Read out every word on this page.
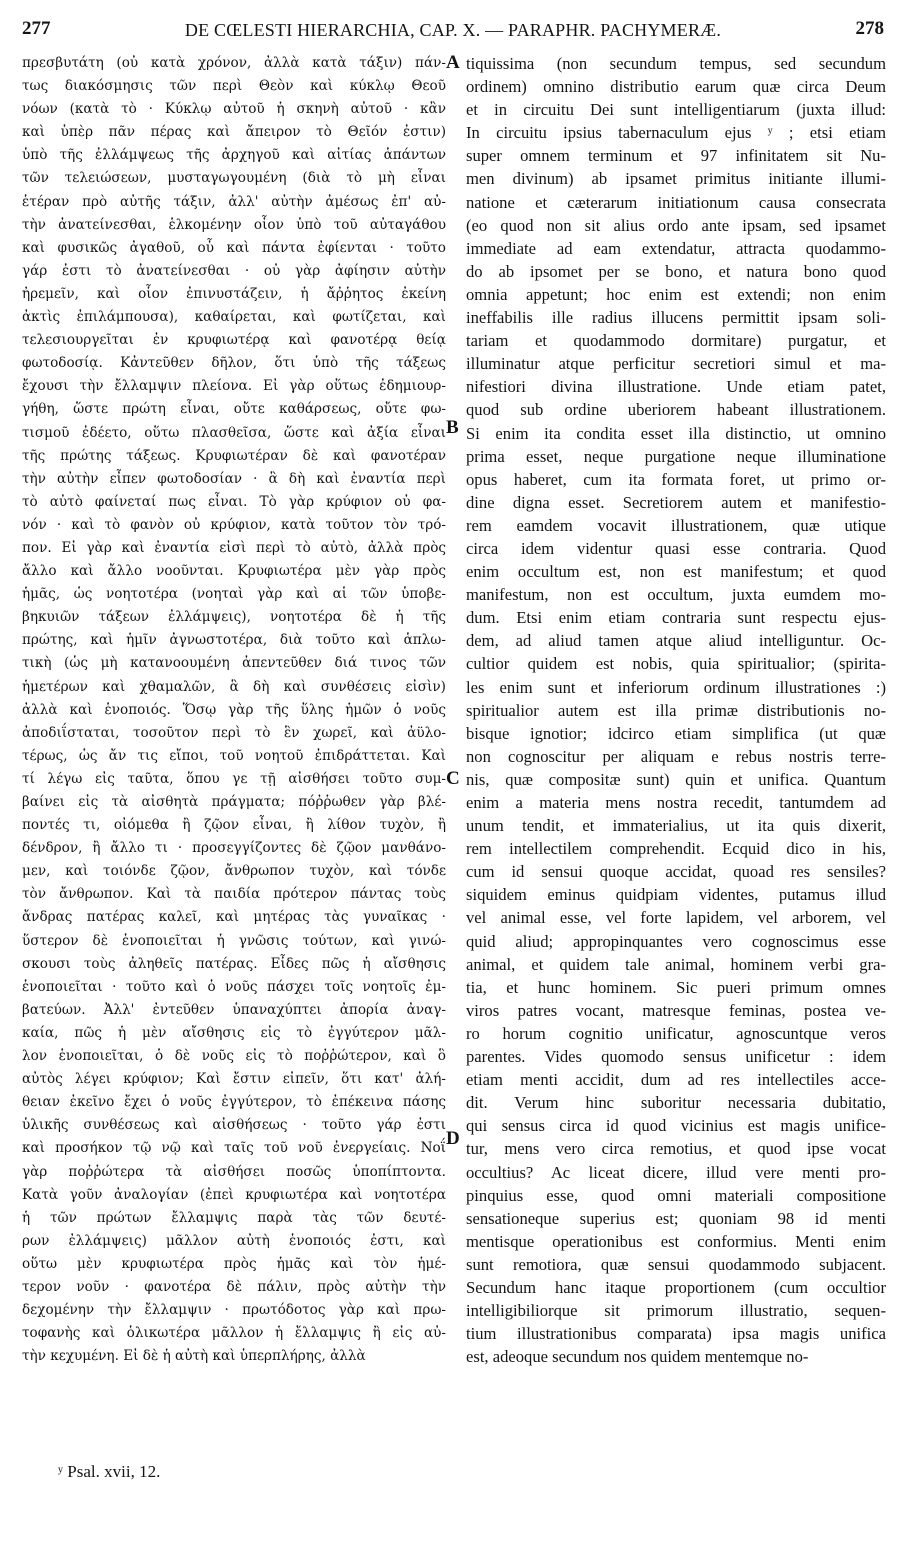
277	DE CŒLESTI HIERARCHIA, CAP. X. — PARAPHR. PACHYMERÆ.	278
πρεσβυτάτη (οὐ κατὰ χρόνον, ἀλλὰ κατὰ τάξιν) πάν-
τως διακόσμησις τῶν περὶ Θεὸν καὶ κύκλῳ Θεοῦ
νόων (κατὰ τὸ · Κύκλῳ αὐτοῦ ἡ σκηνὴ αὐτοῦ · κἂν
καὶ ὑπὲρ πᾶν πέρας καὶ ἄπειρον τὸ Θεῖόν ἐστιν)
ὑπὸ τῆς ἐλλάμψεως τῆς ἀρχηγοῦ καὶ αἰτίας ἁπάντων
τῶν τελειώσεων, μυσταγωγουμένη (διὰ τὸ μὴ εἶναι
ἑτέραν πρὸ αὐτῆς τάξιν, ἀλλ' αὐτὴν ἀμέσως ἐπ' αὐ-
τὴν ἀνατείνεσθαι, ἑλκομένην οἷον ὑπὸ τοῦ αὐταγάθου
καὶ φυσικῶς ἀγαθοῦ, οὗ καὶ πάντα ἐφίενται · τοῦτο
γάρ ἐστι τὸ ἀνατείνεσθαι · οὐ γὰρ ἀφίησιν αὐτὴν
ἠρεμεῖν, καὶ οἷον ἐπινυστάζειν, ἡ ἄῤῥητος ἐκείνη
ἀκτὶς ἐπιλάμπουσα), καθαίρεται, καὶ φωτίζεται, καὶ
τελεσιουργεῖται ἐν κρυφιωτέρᾳ καὶ φανοτέρᾳ θείᾳ
φωτοδοσίᾳ. Κἀντεῦθεν δῆλον, ὅτι ὑπὸ τῆς τάξεως
ἔχουσι τὴν ἔλλαμψιν πλείονα. Εἰ γὰρ οὕτως ἐδημιουρ-
γήθη, ὥστε πρώτη εἶναι, οὔτε καθάρσεως, οὔτε φω-
τισμοῦ ἐδέετο, οὕτω πλασθεῖσα, ὥστε καὶ ἀξία εἶναι
τῆς πρώτης τάξεως. Κρυφιωτέραν δὲ καὶ φανοτέραν
τὴν αὐτὴν εἶπεν φωτοδοσίαν · ἃ δὴ καὶ ἐναντία περὶ
τὸ αὐτὸ φαίνεταί πως εἶναι. Τὸ γὰρ κρύφιον οὐ φα-
νόν · καὶ τὸ φανὸν οὐ κρύφιον, κατὰ τοῦτον τὸν τρό-
πον. Εἰ γὰρ καὶ ἐναντία εἰσὶ περὶ τὸ αὐτὸ, ἀλλὰ πρὸς
ἄλλο καὶ ἄλλο νοοῦνται. Κρυφιωτέρα μὲν γὰρ πρὸς
ἡμᾶς, ὡς νοητοτέρα (νοηταὶ γὰρ καὶ αἱ τῶν ὑποβε-
βηκυιῶν τάξεων ἐλλάμψεις), νοητοτέρα δὲ ἡ τῆς
πρώτης, καὶ ἡμῖν ἀγνωστοτέρα, διὰ τοῦτο καὶ ἁπλω-
τικὴ (ὡς μὴ κατανοουμένη ἀπεντεῦθεν διά τινος τῶν
ἡμετέρων καὶ χθαμαλῶν, ἃ δὴ καὶ συνθέσεις εἰσὶν)
ἀλλὰ καὶ ἑνοποιός. Ὅσῳ γὰρ τῆς ὕλης ἡμῶν ὁ νοῦς
ἀποδιΐσταται, τοσοῦτον περὶ τὸ ἓν χωρεῖ, καὶ ἀϋλο-
τέρως, ὡς ἄν τις εἴποι, τοῦ νοητοῦ ἐπιδράττεται. Καὶ
τί λέγω εἰς ταῦτα, ὅπου γε τῇ αἰσθήσει τοῦτο συμ-
βαίνει εἰς τὰ αἰσθητὰ πράγματα; πόῤῥωθεν γὰρ βλέ-
ποντές τι, οἰόμεθα ἢ ζῷον εἶναι, ἢ λίθον τυχὸν, ἢ
δένδρον, ἢ ἄλλο τι · προσεγγίζοντες δὲ ζῷον μανθάνο-
μεν, καὶ τοιόνδε ζῷον, ἄνθρωπον τυχὸν, καὶ τόνδε
τὸν ἄνθρωπον. Καὶ τὰ παιδία πρότερον πάντας τοὺς
ἄνδρας πατέρας καλεῖ, καὶ μητέρας τὰς γυναῖκας ·
ὕστερον δὲ ἑνοποιεῖται ἡ γνῶσις τούτων, καὶ γινώ-
σκουσι τοὺς ἀληθεῖς πατέρας. Εἶδες πῶς ἡ αἴσθησις
ἑνοποιεῖται · τοῦτο καὶ ὁ νοῦς πάσχει τοῖς νοητοῖς ἐμ-
βατεύων. Ἀλλ' ἐντεῦθεν ὑπαναχύπτει ἀπορία ἀναγ-
καία, πῶς ἡ μὲν αἴσθησις εἰς τὸ ἐγγύτερον μᾶλ-
λον ἑνοποιεῖται, ὁ δὲ νοῦς εἰς τὸ ποῤῥώτερον, καὶ ὃ
αὐτὸς λέγει κρύφιον; Καὶ ἔστιν εἰπεῖν, ὅτι κατ' ἀλή-
θειαν ἐκεῖνο ἔχει ὁ νοῦς ἐγγύτερον, τὸ ἐπέκεινα πάσης
ὑλικῆς συνθέσεως καὶ αἰσθήσεως · τοῦτο γάρ ἐστι
καὶ προσήκον τῷ νῷ καὶ ταῖς τοῦ νοῦ ἐνεργείαις. Νοΐ
γὰρ ποῤῥώτερα τὰ αἰσθήσει ποσῶς ὑποπίπτοντα.
Κατὰ γοῦν ἀναλογίαν (ἐπεὶ κρυφιωτέρα καὶ νοητοτέρα
ἡ τῶν πρώτων ἔλλαμψις παρὰ τὰς τῶν δευτέ-
ρων ἐλλάμψεις) μᾶλλον αὐτὴ ἑνοποιός ἐστι, καὶ
οὕτω μὲν κρυφιωτέρα πρὸς ἡμᾶς καὶ τὸν ἡμέ-
τερον νοῦν · φανοτέρα δὲ πάλιν, πρὸς αὐτὴν τὴν
δεχομένην τὴν ἔλλαμψιν · πρωτόδοτος γὰρ καὶ πρω-
τοφανὴς καὶ ὁλικωτέρα μᾶλλον ἡ ἔλλαμψις ἢ εἰς αὐ-
τὴν κεχυμένη. Εἰ δὲ ἡ αὐτὴ καὶ ὑπερπλήρης, ἀλλὰ
tiquissima (non secundum tempus, sed secundum
ordinem) omnino distributio earum quæ circa Deum
et in circuitu Dei sunt intelligentiarum (juxta illud:
In circuitu ipsius tabernaculum ejus ʸ ; etsi etiam
super omnem terminum et 97 infinitatem sit Nu-
men divinum) ab ipsamet primitus initiante illumi-
natione et cæterarum initiationum causa consecrata
(eo quod non sit alius ordo ante ipsam, sed ipsamet
immediate ad eam extendatur, attracta quodammo-
do ab ipsomet per se bono, et natura bono quod
omnia appetunt; hoc enim est extendi; non enim
ineffabilis ille radius illucens permittit ipsam soli-
tariam et quodammodo dormitare) purgatur, et
illuminatur atque perficitur secretiori simul et ma-
nifestiori divina illustratione. Unde etiam patet,
quod sub ordine uberiorem habeant illustrationem.
Si enim ita condita esset illa distinctio, ut omnino
prima esset, neque purgatione neque illuminatione
opus haberet, cum ita formata foret, ut primo or-
dine digna esset. Secretiorem autem et manifestio-
rem eamdem vocavit illustrationem, quæ utique
circa idem videntur quasi esse contraria. Quod
enim occultum est, non est manifestum; et quod
manifestum, non est occultum, juxta eumdem mo-
dum. Etsi enim etiam contraria sunt respectu ejus-
dem, ad aliud tamen atque aliud intelliguntur. Oc-
cultior quidem est nobis, quia spiritualior; (spirita-
les enim sunt et inferiorum ordinum illustrationes :)
spiritualior autem est illa primæ distributionis no-
bisque ignotior; idcirco etiam simplifica (ut quæ
non cognoscitur per aliquam e rebus nostris terre-
nis, quæ compositæ sunt) quin et unifica. Quantum
enim a materia mens nostra recedit, tantumdem ad
unum tendit, et immaterialius, ut ita quis dixerit,
rem intellectilem comprehendit. Ecquid dico in his,
cum id sensui quoque accidat, quoad res sensiles?
siquidem eminus quidpiam videntes, putamus illud
vel animal esse, vel forte lapidem, vel arborem, vel
quid aliud; appropinquantes vero cognoscimus esse
animal, et quidem tale animal, hominem verbi gra-
tia, et hunc hominem. Sic pueri primum omnes
viros patres vocant, matresque feminas, postea ve-
ro horum cognitio unificatur, agnoscuntque veros
parentes. Vides quomodo sensus unificetur : idem
etiam menti accidit, dum ad res intellectiles acce-
dit. Verum hinc suboritur necessaria dubitatio,
qui sensus circa id quod vicinius est magis unifice-
tur, mens vero circa remotius, et quod ipse vocat
occultius? Ac liceat dicere, illud vere menti pro-
pinquius esse, quod omni materiali compositione
sensationeque superius est; quoniam 98 id menti
mentisque operationibus est conformius. Menti enim
sunt remotiora, quæ sensui quodammodo subjacent.
Secundum hanc itaque proportionem (cum occultior
intelligibiliorque sit primorum illustratio, sequen-
tium illustrationibus comparata) ipsa magis unifica
est, adeoque secundum nos quidem mentemque no-
A
B
C
D
ʸ Psal. xvii, 12.
